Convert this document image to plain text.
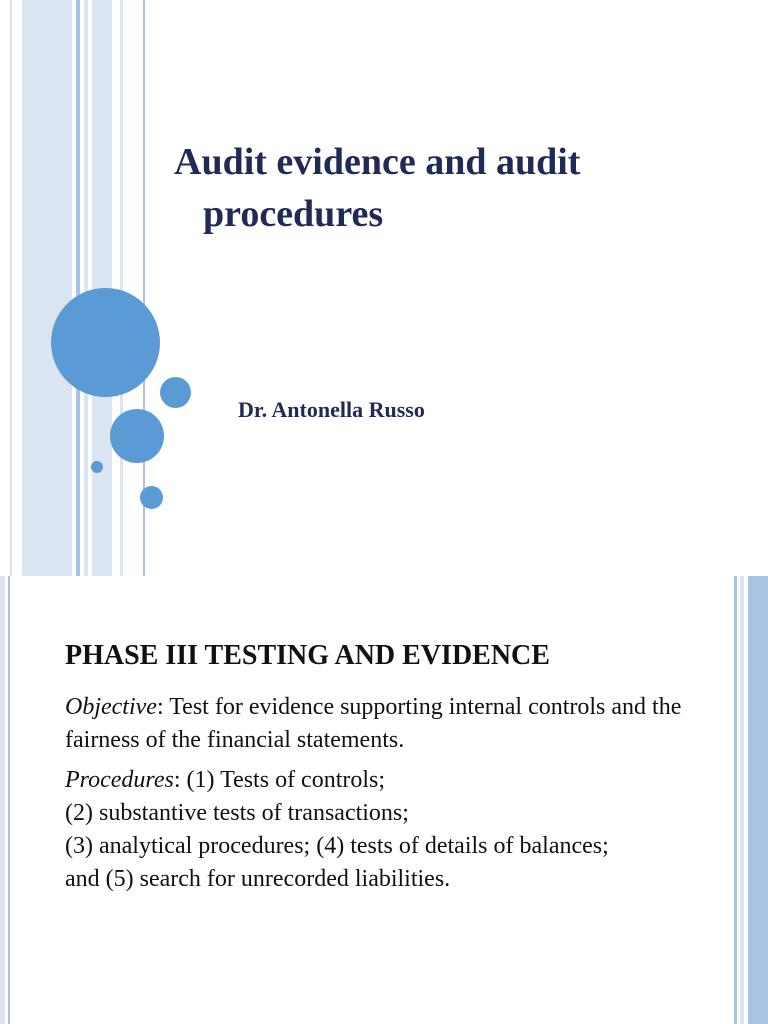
Audit evidence and audit
procedures

Dr. Antonella Russo

PHASE III TESTING AND EVIDENCE

Objective: Test for evidence supporting internal controls and the fairness of the financial statements.

Procedures: (1) Tests of controls;
(2) substantive tests of transactions;
(3) analytical procedures; (4) tests of details of balances;
and (5) search for unrecorded liabilities.
